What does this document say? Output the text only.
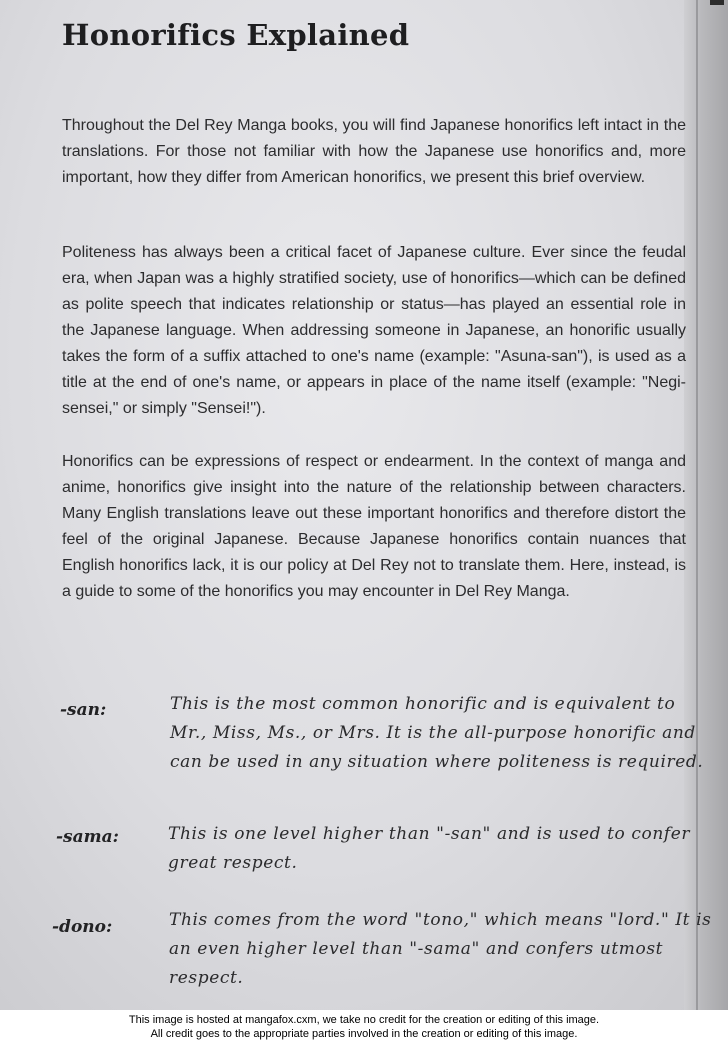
Honorifics Explained

Throughout the Del Rey Manga books, you will find Japanese honorifics left intact in the translations. For those not familiar with how the Japanese use honorifics and, more important, how they differ from American honorifics, we present this brief overview.

Politeness has always been a critical facet of Japanese culture. Ever since the feudal era, when Japan was a highly stratified society, use of honorifics—which can be defined as polite speech that indicates relationship or status—has played an essential role in the Japanese language. When addressing someone in Japanese, an honorific usually takes the form of a suffix attached to one's name (example: "Asuna-san"), is used as a title at the end of one's name, or appears in place of the name itself (example: "Negi-sensei," or simply "Sensei!").

Honorifics can be expressions of respect or endearment. In the context of manga and anime, honorifics give insight into the nature of the relationship between characters. Many English translations leave out these important honorifics and therefore distort the feel of the original Japanese. Because Japanese honorifics contain nuances that English honorifics lack, it is our policy at Del Rey not to translate them. Here, instead, is a guide to some of the honorifics you may encounter in Del Rey Manga.

-san:	This is the most common honorific and is equivalent to Mr., Miss, Ms., or Mrs. It is the all-purpose honorific and can be used in any situation where politeness is required.

-sama:	This is one level higher than "-san" and is used to confer great respect.

-dono:	This comes from the word "tono," which means "lord." It is an even higher level than "-sama" and confers utmost respect.

This image is hosted at mangafox.cxm, we take no credit for the creation or editing of this image.
All credit goes to the appropriate parties involved in the creation or editing of this image.
